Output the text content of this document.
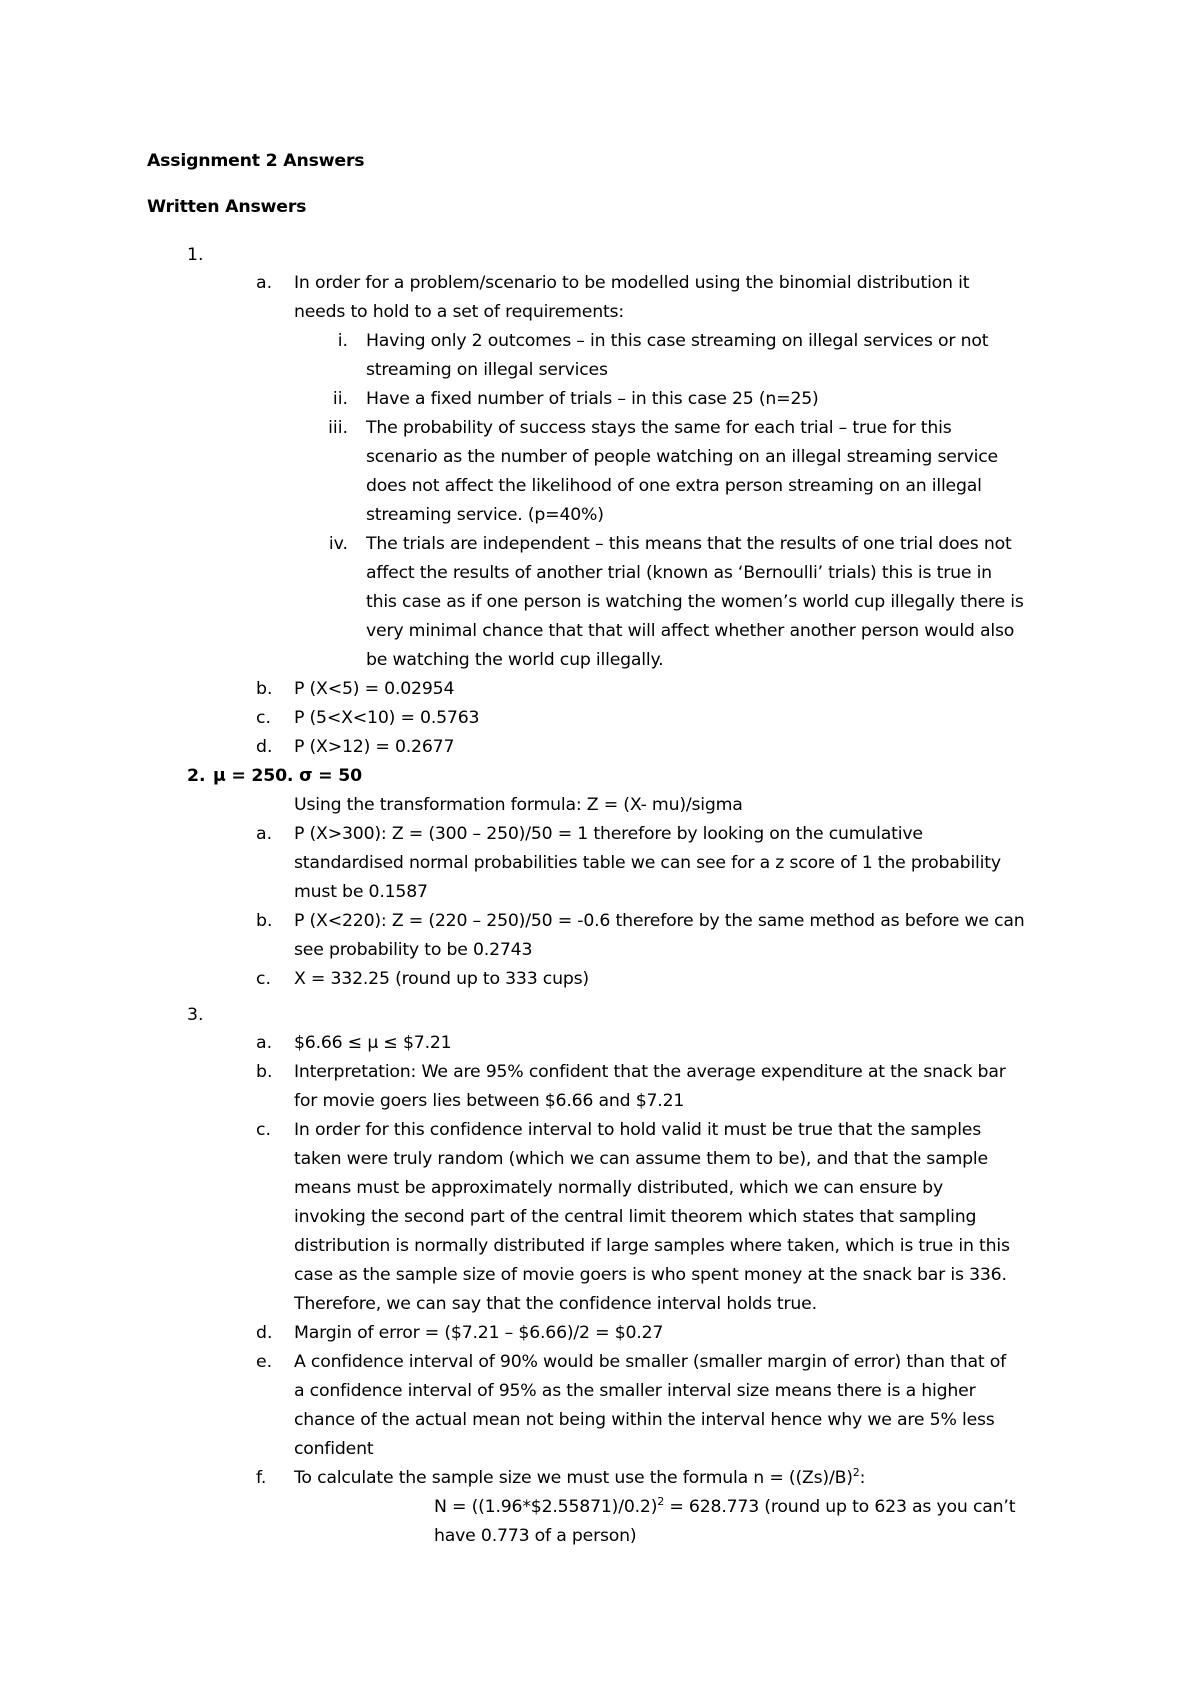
Assignment 2 Answers
Written Answers
1.
a. In order for a problem/scenario to be modelled using the binomial distribution it
needs to hold to a set of requirements:
i. Having only 2 outcomes – in this case streaming on illegal services or not
streaming on illegal services
ii. Have a fixed number of trials – in this case 25 (n=25)
iii. The probability of success stays the same for each trial – true for this
scenario as the number of people watching on an illegal streaming service
does not affect the likelihood of one extra person streaming on an illegal
streaming service. (p=40%)
iv. The trials are independent – this means that the results of one trial does not
affect the results of another trial (known as ‘Bernoulli’ trials) this is true in
this case as if one person is watching the women’s world cup illegally there is
very minimal chance that that will affect whether another person would also
be watching the world cup illegally.
b. P (X<5) = 0.02954
c. P (5<X<10) = 0.5763
d. P (X>12) = 0.2677
2. μ = 250. σ = 50
Using the transformation formula: Z = (X- mu)/sigma
a. P (X>300): Z = (300 – 250)/50 = 1 therefore by looking on the cumulative
standardised normal probabilities table we can see for a z score of 1 the probability
must be 0.1587
b. P (X<220): Z = (220 – 250)/50 = -0.6 therefore by the same method as before we can
see probability to be 0.2743
c. X = 332.25 (round up to 333 cups)
3.
a. $6.66 ≤ μ ≤ $7.21
b. Interpretation: We are 95% confident that the average expenditure at the snack bar
for movie goers lies between $6.66 and $7.21
c. In order for this confidence interval to hold valid it must be true that the samples
taken were truly random (which we can assume them to be), and that the sample
means must be approximately normally distributed, which we can ensure by
invoking the second part of the central limit theorem which states that sampling
distribution is normally distributed if large samples where taken, which is true in this
case as the sample size of movie goers is who spent money at the snack bar is 336.
Therefore, we can say that the confidence interval holds true.
d. Margin of error = ($7.21 – $6.66)/2 = $0.27
e. A confidence interval of 90% would be smaller (smaller margin of error) than that of
a confidence interval of 95% as the smaller interval size means there is a higher
chance of the actual mean not being within the interval hence why we are 5% less
confident
f. To calculate the sample size we must use the formula $n = ((Zs)/B)^2$:
N = ((1.96*$2.55871)/0.2)$^2$ = 628.773 (round up to 623 as you can’t
have 0.773 of a person)
